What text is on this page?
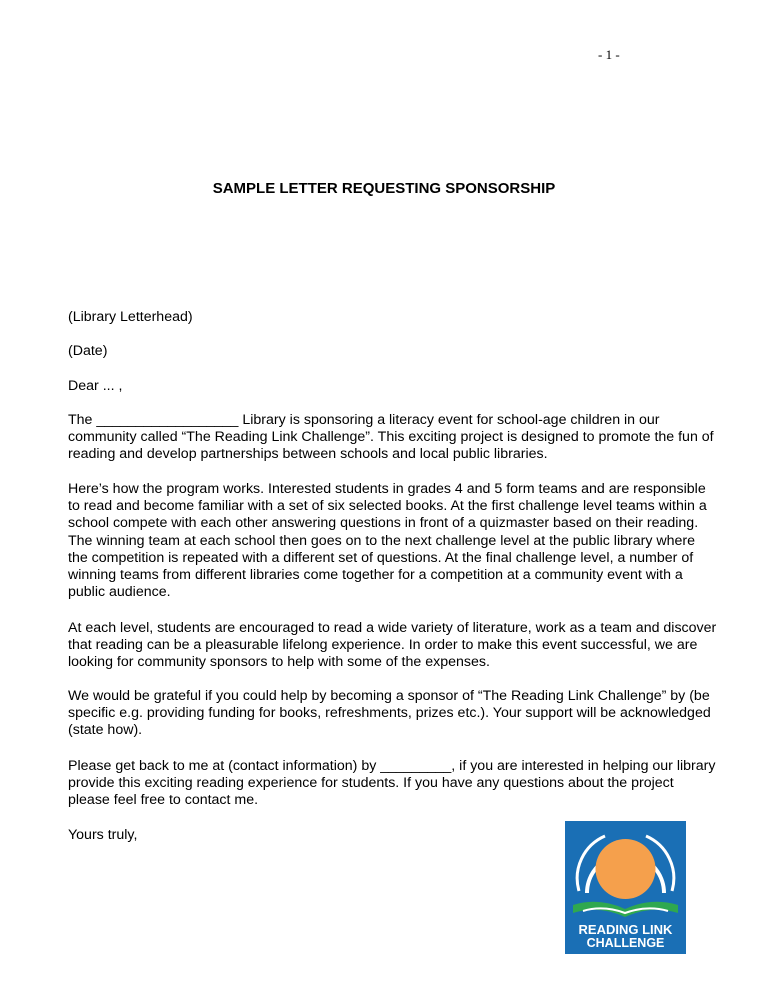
- 1 -
SAMPLE LETTER REQUESTING SPONSORSHIP

(Library Letterhead)

(Date)

Dear ... ,

The __________________ Library is sponsoring a literacy event for school-age children in our community called “The Reading Link Challenge”. This exciting project is designed to promote the fun of reading and develop partnerships between schools and local public libraries.

Here’s how the program works. Interested students in grades 4 and 5 form teams and are responsible to read and become familiar with a set of six selected books. At the first challenge level teams within a school compete with each other answering questions in front of a quizmaster based on their reading. The winning team at each school then goes on to the next challenge level at the public library where the competition is repeated with a different set of questions. At the final challenge level, a number of winning teams from different libraries come together for a competition at a community event with a public audience.

At each level, students are encouraged to read a wide variety of literature, work as a team and discover that reading can be a pleasurable lifelong experience. In order to make this event successful, we are looking for community sponsors to help with some of the expenses.

We would be grateful if you could help by becoming a sponsor of “The Reading Link Challenge” by (be specific e.g. providing funding for books, refreshments, prizes etc.). Your support will be acknowledged (state how).

Please get back to me at (contact information) by _________, if you are interested in helping our library provide this exciting reading experience for students. If you have any questions about the project please feel free to contact me.

Yours truly,

READING LINK
CHALLENGE
